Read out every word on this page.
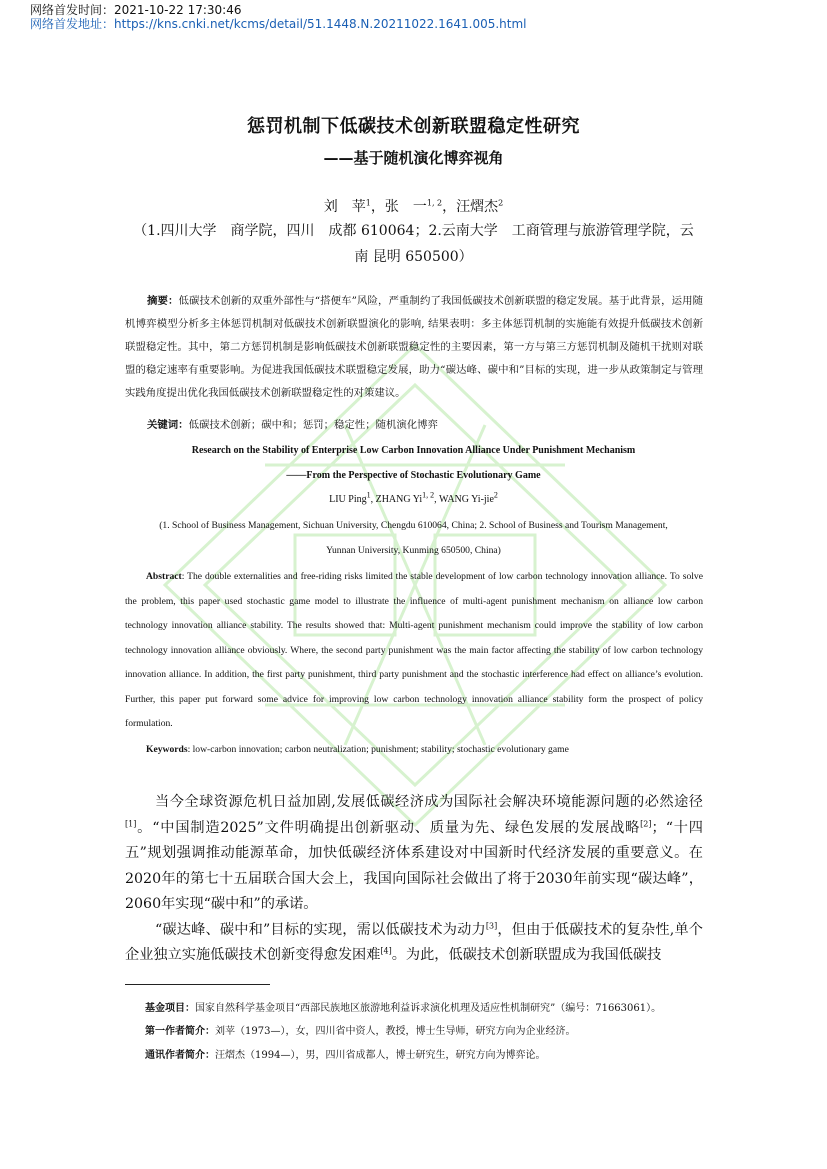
网络首发时间：2021-10-22 17:30:46
网络首发地址：https://kns.cnki.net/kcms/detail/51.1448.N.20211022.1641.005.html
惩罚机制下低碳技术创新联盟稳定性研究
——基于随机演化博弈视角
刘　苹$^1$，张　一$^{1, 2}$，汪熠杰$^2$
（1.四川大学　商学院，四川　成都 610064；2.云南大学　工商管理与旅游管理学院，云
南 昆明 650500）
摘要：低碳技术创新的双重外部性与“搭便车”风险，严重制约了我国低碳技术创新联盟的稳定发展。基于此背景，运用随机博弈模型分析多主体惩罚机制对低碳技术创新联盟演化的影响, 结果表明：多主体惩罚机制的实施能有效提升低碳技术创新联盟稳定性。其中，第二方惩罚机制是影响低碳技术创新联盟稳定性的主要因素，第一方与第三方惩罚机制及随机干扰则对联盟的稳定速率有重要影响。为促进我国低碳技术联盟稳定发展，助力“碳达峰、碳中和”目标的实现，进一步从政策制定与管理实践角度提出优化我国低碳技术创新联盟稳定性的对策建议。
关键词：低碳技术创新；碳中和；惩罚；稳定性；随机演化博弈
Research on the Stability of Enterprise Low Carbon Innovation Alliance Under Punishment Mechanism
——From the Perspective of Stochastic Evolutionary Game
LIU Ping$^1$, ZHANG Yi$^{1, 2}$, WANG Yi-jie$^2$
(1. School of Business Management, Sichuan University, Chengdu 610064, China; 2. School of Business and Tourism Management,
Yunnan University, Kunming 650500, China)
Abstract: The double externalities and free-riding risks limited the stable development of low carbon technology innovation alliance. To solve the problem, this paper used stochastic game model to illustrate the influence of multi-agent punishment mechanism on alliance low carbon technology innovation alliance stability. The results showed that: Multi-agent punishment mechanism could improve the stability of low carbon technology innovation alliance obviously. Where, the second party punishment was the main factor affecting the stability of low carbon technology innovation alliance. In addition, the first party punishment, third party punishment and the stochastic interference had effect on alliance’s evolution. Further, this paper put forward some advice for improving low carbon technology innovation alliance stability form the prospect of policy formulation.
Keywords: low-carbon innovation; carbon neutralization; punishment; stability; stochastic evolutionary game

当今全球资源危机日益加剧,发展低碳经济成为国际社会解决环境能源问题的必然途径[1]。“中国制造2025”文件明确提出创新驱动、质量为先、绿色发展的发展战略[2]；“十四五”规划强调推动能源革命，加快低碳经济体系建设对中国新时代经济发展的重要意义。在2020年的第七十五届联合国大会上，我国向国际社会做出了将于2030年前实现“碳达峰”，2060年实现“碳中和”的承诺。

“碳达峰、碳中和”目标的实现，需以低碳技术为动力[3]，但由于低碳技术的复杂性,单个企业独立实施低碳技术创新变得愈发困难[4]。为此，低碳技术创新联盟成为我国低碳技

基金项目：国家自然科学基金项目“西部民族地区旅游地利益诉求演化机理及适应性机制研究”（编号：71663061）。
第一作者简介：刘苹（1973—），女，四川省中资人，教授，博士生导师，研究方向为企业经济。
通讯作者简介：汪熠杰（1994—），男，四川省成都人，博士研究生，研究方向为博弈论。
